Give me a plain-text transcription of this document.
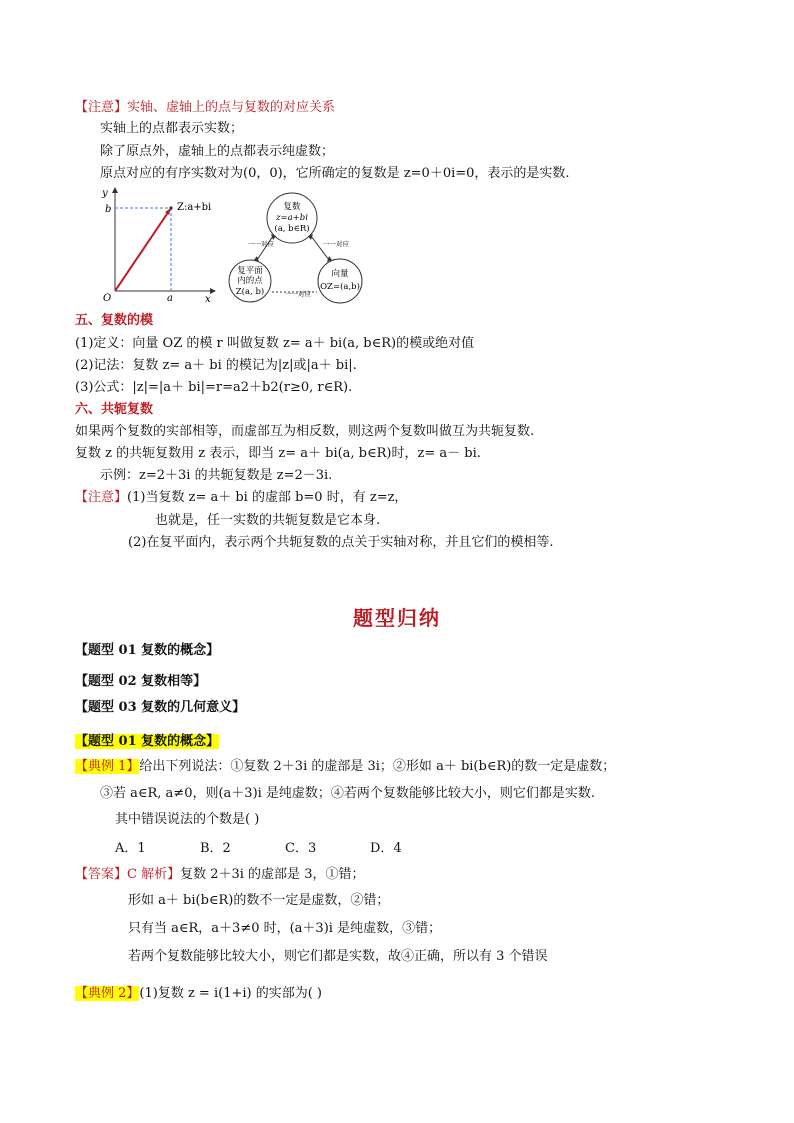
【注意】实轴、虚轴上的点与复数的对应关系
实轴上的点都表示实数；
除了原点外，虚轴上的点都表示纯虚数；
原点对应的有序实数对为(0，0)，它所确定的复数是 z=0＋0i=0，表示的是实数.
y
x
O
b
a
Z:a+bi	复数
z=a+bi
(a, b∈R)
复平面
内的点
Z(a, b)
向量
OZ=(a,b)
一一对应	一一对应
一一对应
五、复数的模
(1)定义：向量 OZ 的模 r 叫做复数 z= a＋ bi(a, b∈R)的模或绝对值
(2)记法：复数 z= a＋ bi 的模记为|z|或|a＋ bi|.
(3)公式：|z|=|a＋ bi|=r=a2＋b2(r≥0, r∈R).
六、共轭复数
如果两个复数的实部相等，而虚部互为相反数，则这两个复数叫做互为共轭复数.
复数 z 的共轭复数用 z 表示，即当 z= a＋ bi(a, b∈R)时，z= a－ bi.
示例：z=2＋3i 的共轭复数是 z=2－3i.
【注意】(1)当复数 z= a＋ bi 的虚部 b=0 时，有 z=z，
也就是，任一实数的共轭复数是它本身.
(2)在复平面内，表示两个共轭复数的点关于实轴对称，并且它们的模相等.
题型归纳
【题型 01 复数的概念】
【题型 02 复数相等】
【题型 03 复数的几何意义】
【题型 01 复数的概念】
【典例 1】给出下列说法：①复数 2＋3i 的虚部是 3i；②形如 a＋ bi(b∈R)的数一定是虚数；
③若 a∈R, a≠0，则(a＋3)i 是纯虚数；④若两个复数能够比较大小，则它们都是实数.
其中错误说法的个数是( )
A．1	B．2	C．3	D．4
【答案】C 解析】复数 2＋3i 的虚部是 3，①错；
形如 a＋ bi(b∈R)的数不一定是虚数，②错；
只有当 a∈R，a＋3≠0 时，(a＋3)i 是纯虚数，③错；
若两个复数能够比较大小，则它们都是实数，故④正确，所以有 3 个错误
【典例 2】(1)复数 z = i(1+i) 的实部为( )
